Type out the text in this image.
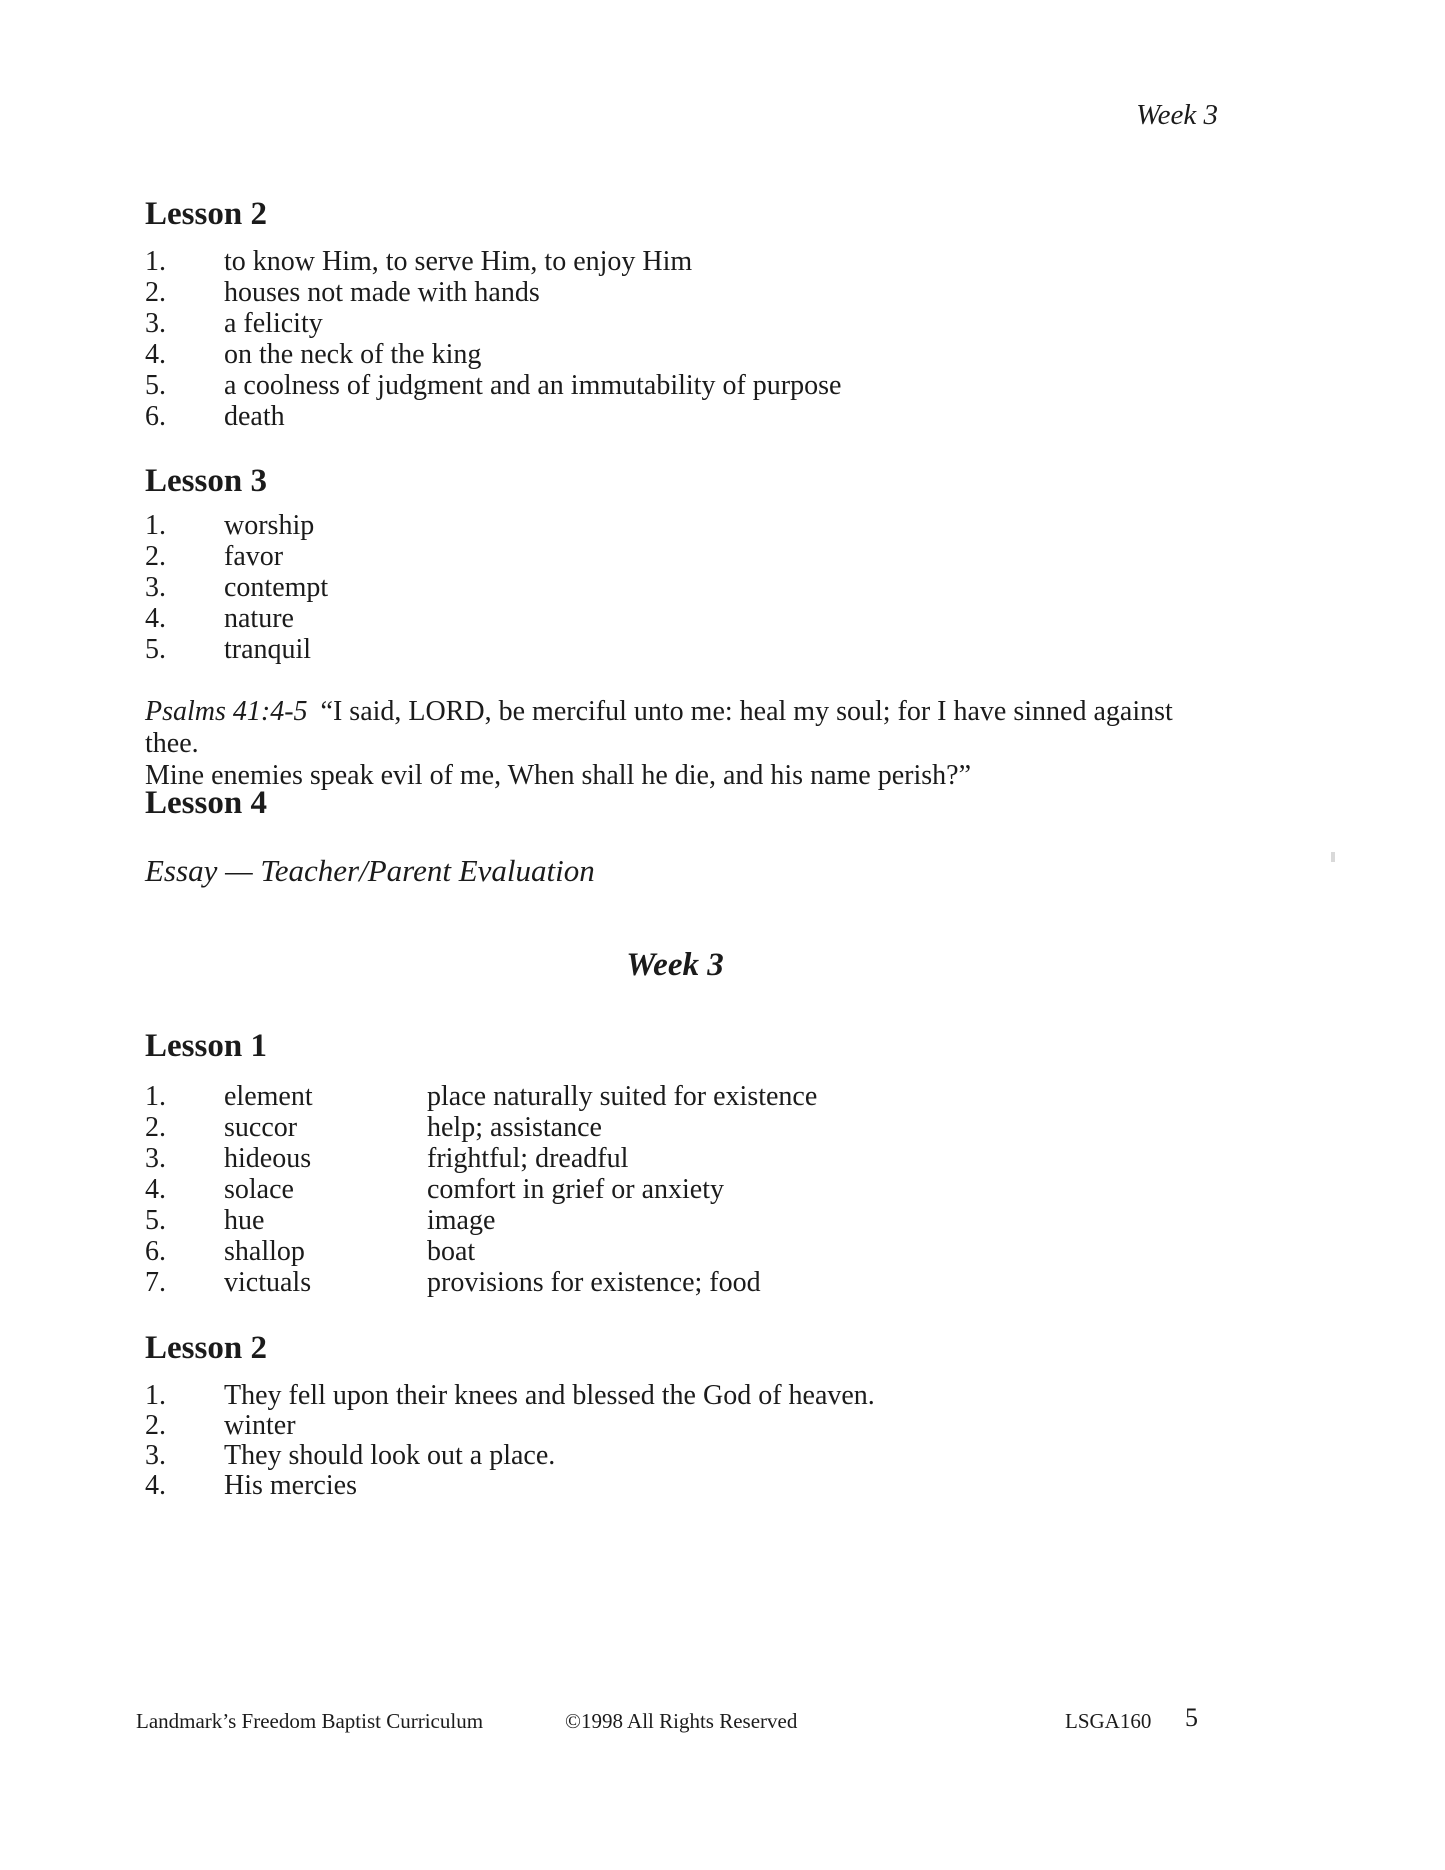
Week 3
Lesson 2
1.	to know Him, to serve Him, to enjoy Him
2.	houses not made with hands
3.	a felicity
4.	on the neck of the king
5.	a coolness of judgment and an immutability of purpose
6.	death
Lesson 3
1.	worship
2.	favor
3.	contempt
4.	nature
5.	tranquil
Psalms 41:4-5 “I said, LORD, be merciful unto me: heal my soul; for I have sinned against thee.
Mine enemies speak evil of me, When shall he die, and his name perish?”
Lesson 4
Essay — Teacher/Parent Evaluation
Week 3
Lesson 1
1.	element	place naturally suited for existence
2.	succor	help; assistance
3.	hideous	frightful; dreadful
4.	solace	comfort in grief or anxiety
5.	hue	image
6.	shallop	boat
7.	victuals	provisions for existence; food
Lesson 2
1.	They fell upon their knees and blessed the God of heaven.
2.	winter
3.	They should look out a place.
4.	His mercies
Landmark’s Freedom Baptist Curriculum	©1998 All Rights Reserved	LSGA160 5
